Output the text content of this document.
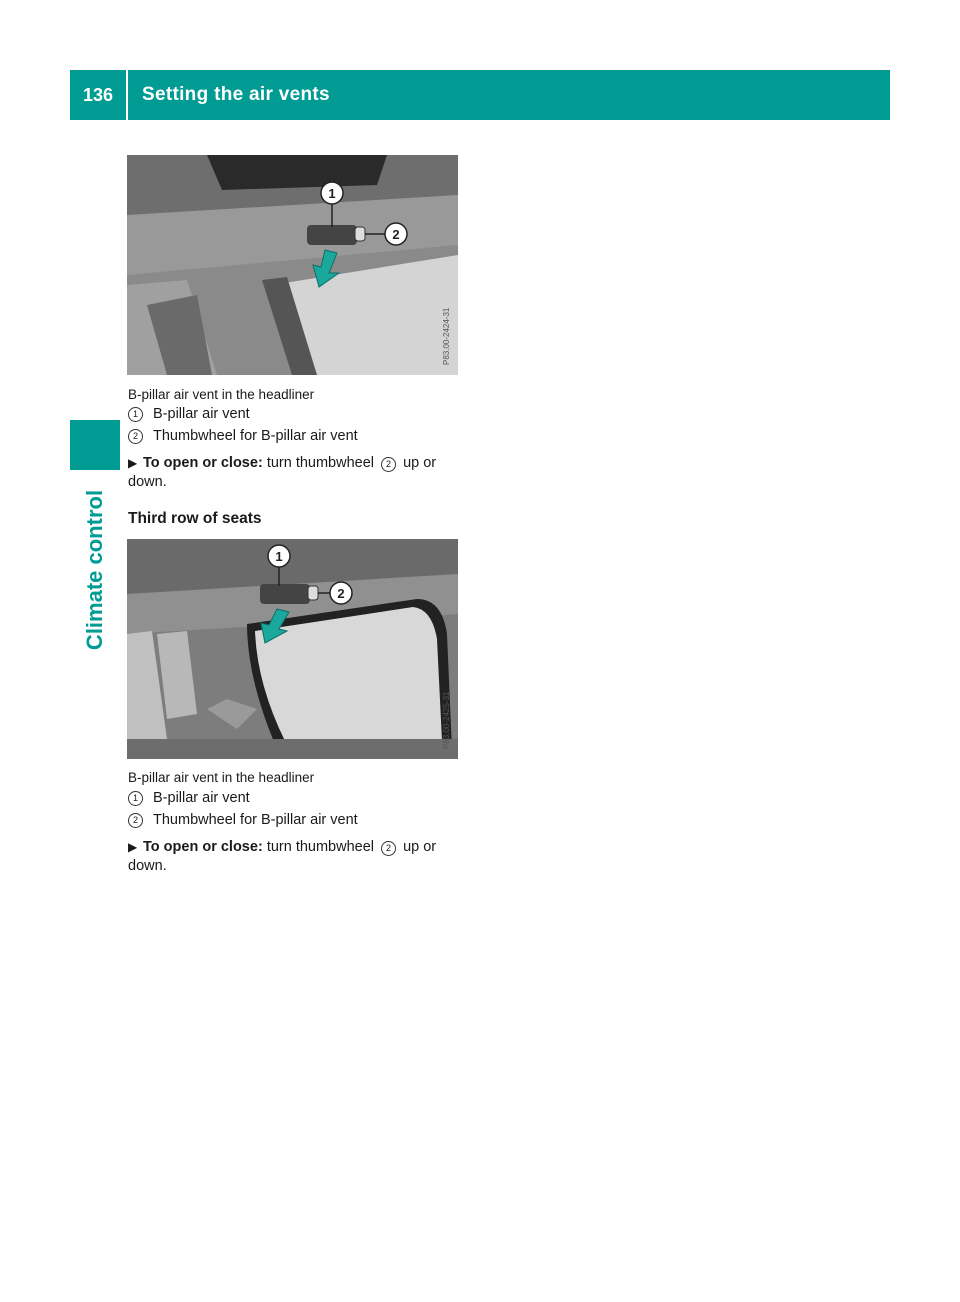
136	Setting the air vents
Climate control
1
2
P83.00-2424-31
B-pillar air vent in the headliner
1	B-pillar air vent
2	Thumbwheel for B-pillar air vent
▶ To open or close: turn thumbwheel 2 up or down.
Third row of seats
1
2
P83.00-2425-31
B-pillar air vent in the headliner
1	B-pillar air vent
2	Thumbwheel for B-pillar air vent
▶ To open or close: turn thumbwheel 2 up or down.
